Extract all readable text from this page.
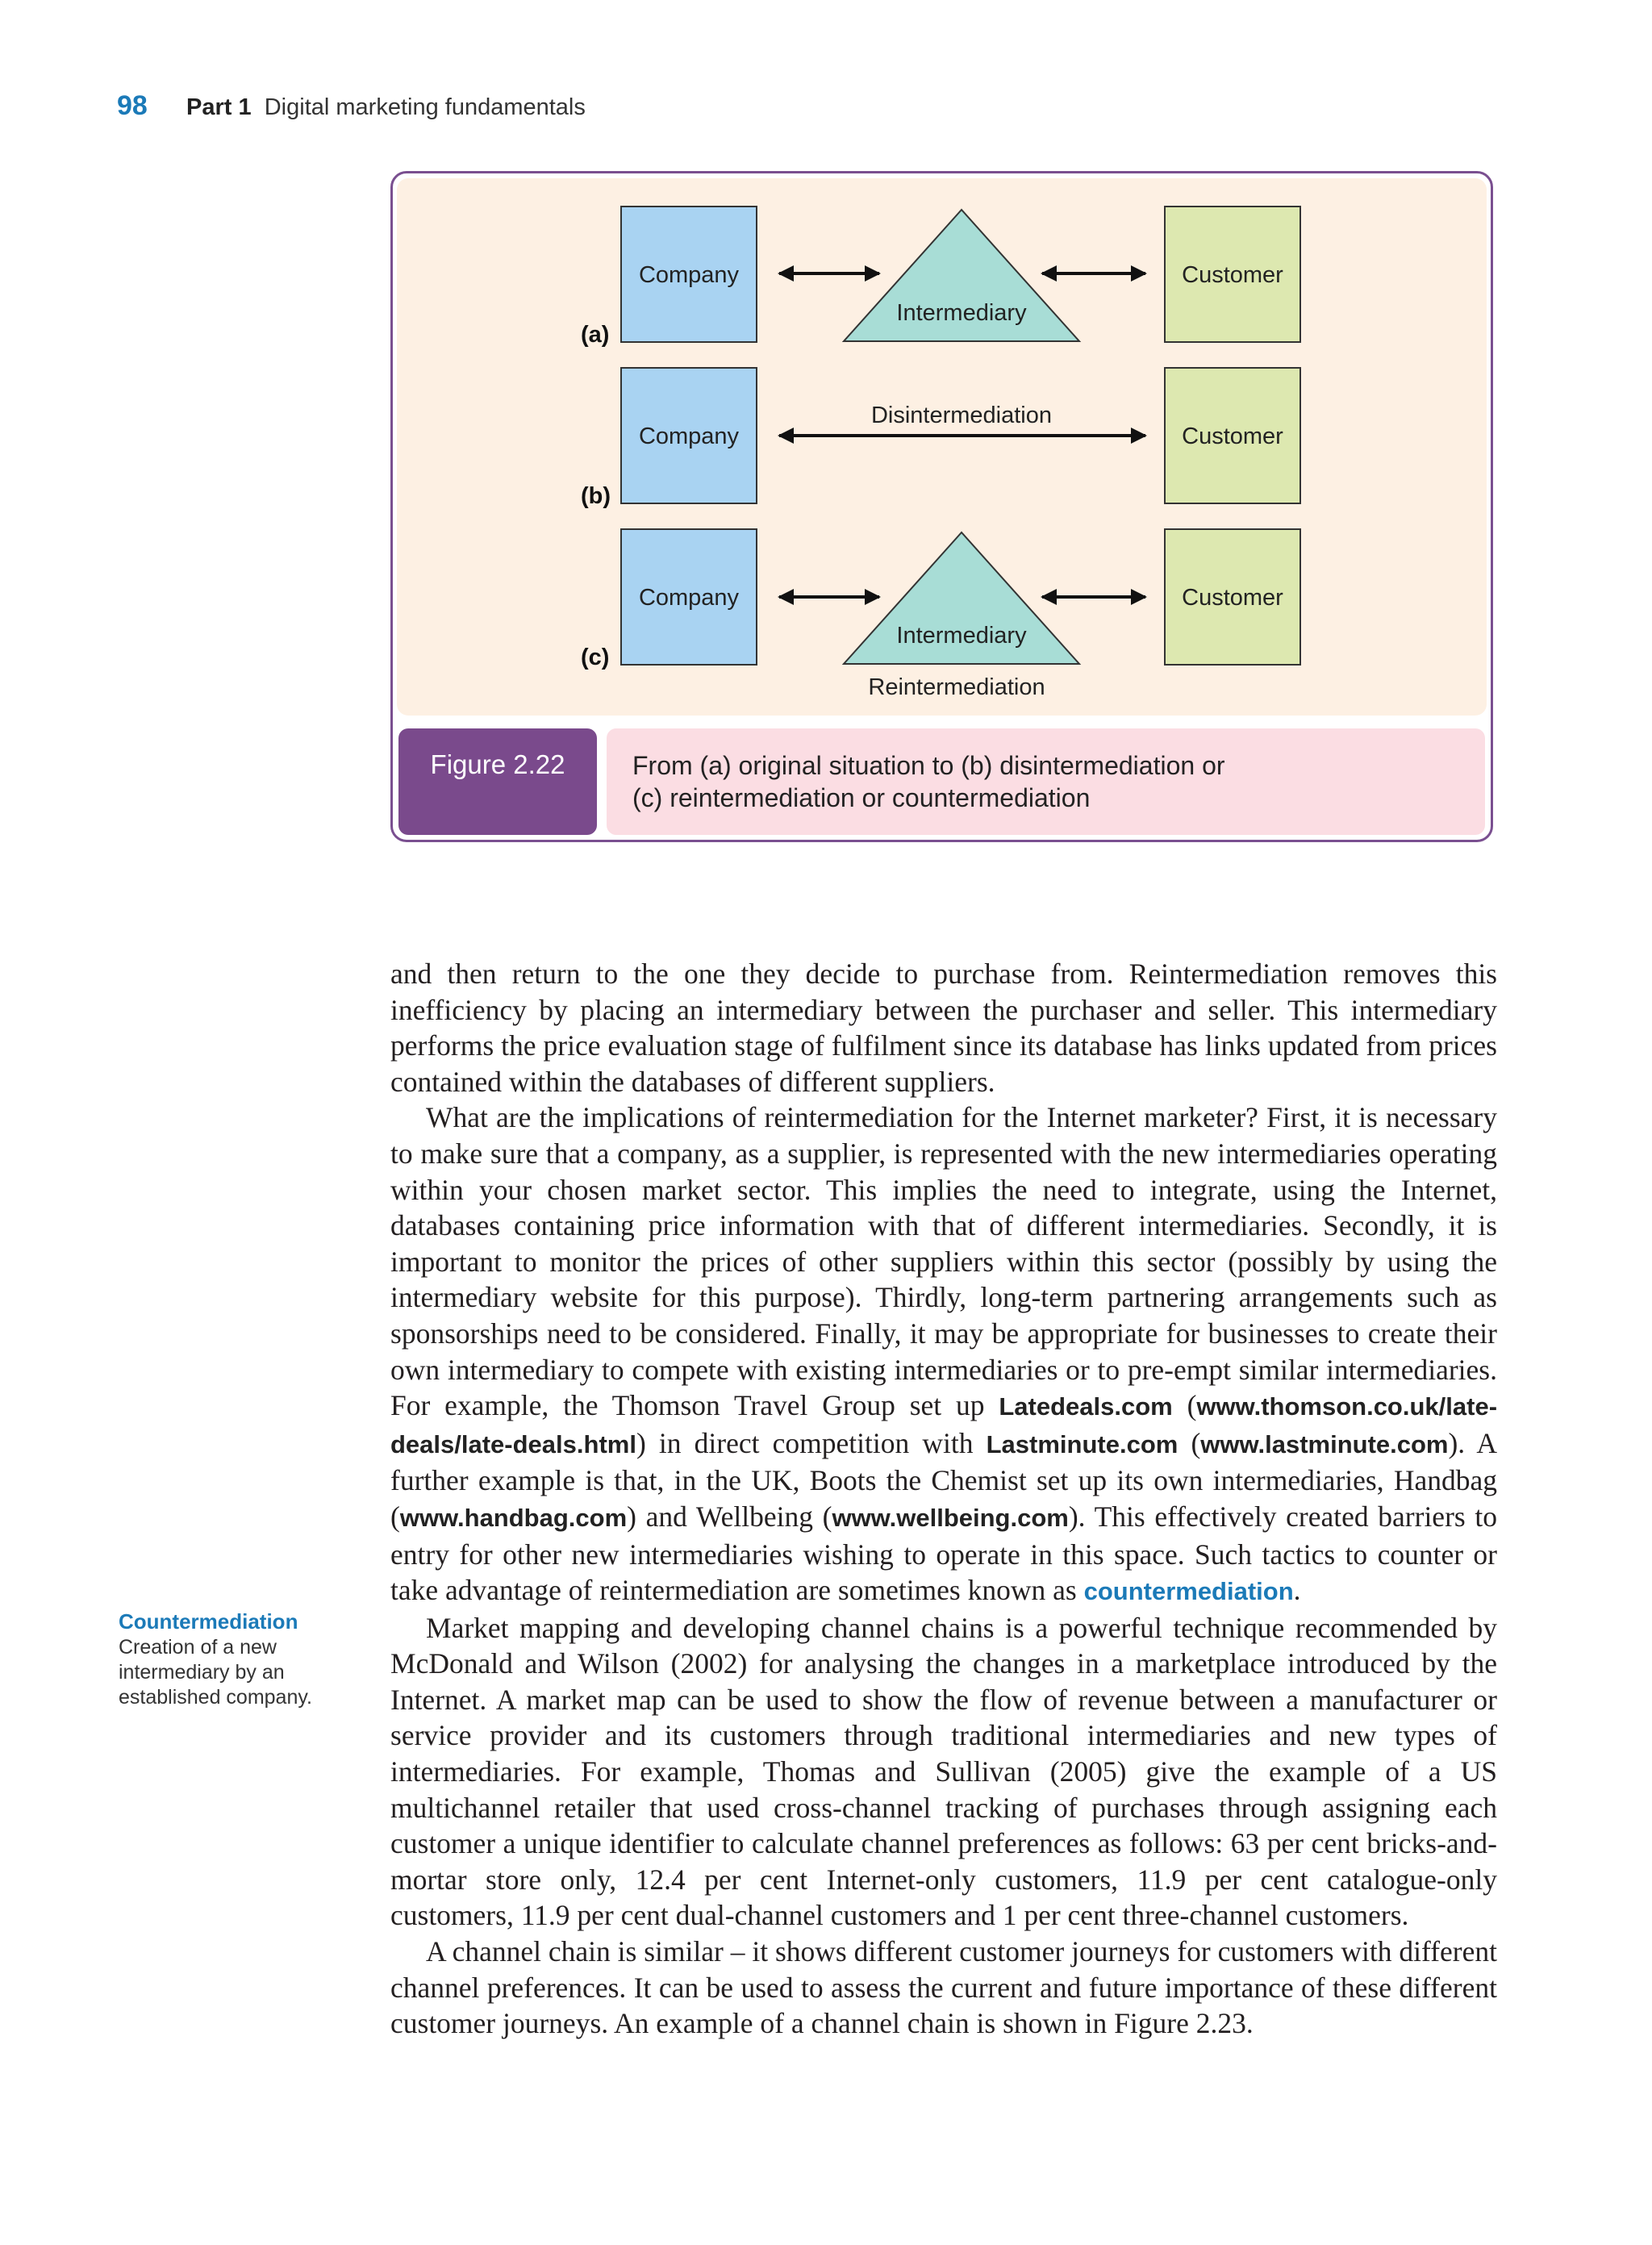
98 Part 1 Digital marketing fundamentals
Company	Customer
Intermediary
(a)
Company	Customer
Disintermediation
(b)
Company	Customer
Intermediary
Reintermediation
(c)
Figure 2.22	From (a) original situation to (b) disintermediation or
(c) reintermediation or countermediation
Countermediation
Creation of a new intermediary by an established company.

and then return to the one they decide to purchase from. Reintermediation removes this inefficiency by placing an intermediary between the purchaser and seller. This intermediary performs the price evaluation stage of fulfilment since its database has links updated from prices contained within the databases of different suppliers.

What are the implications of reintermediation for the Internet marketer? First, it is necessary to make sure that a company, as a supplier, is represented with the new intermediaries operating within your chosen market sector. This implies the need to integrate, using the Internet, databases containing price information with that of different intermediaries. Secondly, it is important to monitor the prices of other suppliers within this sector (possibly by using the intermediary website for this purpose). Thirdly, long-term partnering arrangements such as sponsorships need to be considered. Finally, it may be appropriate for businesses to create their own intermediary to compete with existing intermediaries or to pre-empt similar intermediaries. For example, the Thomson Travel Group set up Latedeals.com (www.thomson.co.uk/late-deals/late-deals.html) in direct competition with Lastminute.com (www.lastminute.com). A further example is that, in the UK, Boots the Chemist set up its own intermediaries, Handbag (www.handbag.com) and Wellbeing (www.wellbeing.com). This effectively created barriers to entry for other new intermediaries wishing to operate in this space. Such tactics to counter or take advantage of reintermediation are sometimes known as countermediation.

Market mapping and developing channel chains is a powerful technique recommended by McDonald and Wilson (2002) for analysing the changes in a marketplace introduced by the Internet. A market map can be used to show the flow of revenue between a manufacturer or service provider and its customers through traditional intermediaries and new types of intermediaries. For example, Thomas and Sullivan (2005) give the example of a US multichannel retailer that used cross-channel tracking of purchases through assigning each customer a unique identifier to calculate channel preferences as follows: 63 per cent bricks-and-mortar store only, 12.4 per cent Internet-only customers, 11.9 per cent catalogue-only customers, 11.9 per cent dual-channel customers and 1 per cent three-channel customers.

A channel chain is similar – it shows different customer journeys for customers with different channel preferences. It can be used to assess the current and future importance of these different customer journeys. An example of a channel chain is shown in Figure 2.23.
